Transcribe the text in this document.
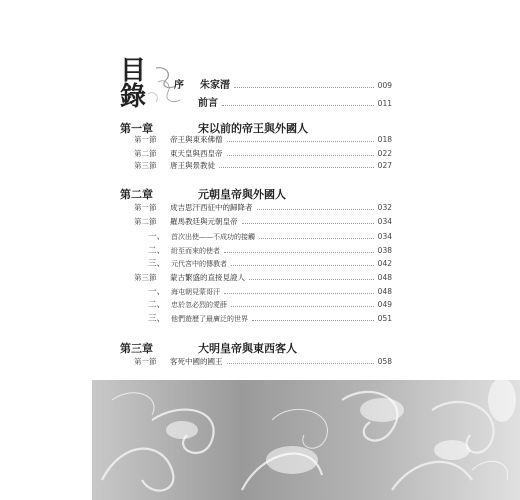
目
錄	序 朱家溍	009
前言	011
第一章	宋以前的帝王與外國人
第一節	帝王與東來佛僧	018
第二節	東天皇與西皇帝	022
第三節	唐王與景教徒	027
第二章	元朝皇帝與外國人
第一節	成吉思汗西征中的歸降者	032
第二節	羅馬教廷與元朝皇帝	034
一、 首次出使——不成功的接觸	034
二、 紛至而來的使者	038
三、 元代宮中的傳教者	042
第三節	蒙古繁盛的直接見證人	048
一、 海屯朝見蒙哥汗	048
二、 忠於忽必烈的愛薛	049
三、 他們遊歷了最廣泛的世界	051
第三章	大明皇帝與東西客人
第一節	客死中國的國王	058
